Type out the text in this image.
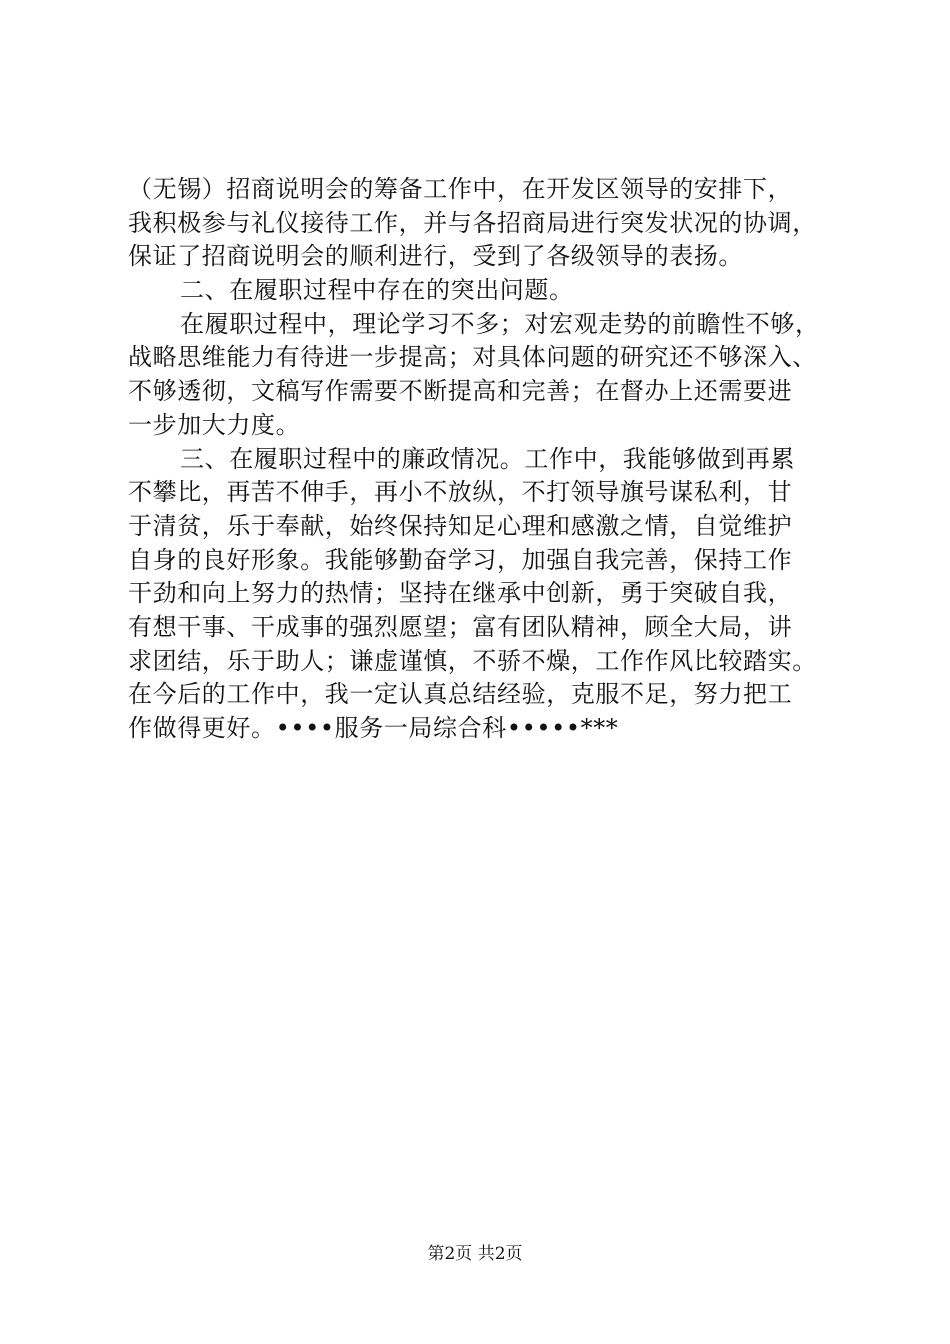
（无锡）招商说明会的筹备工作中，在开发区领导的安排下，
我积极参与礼仪接待工作，并与各招商局进行突发状况的协调，
保证了招商说明会的顺利进行，受到了各级领导的表扬。
二、在履职过程中存在的突出问题。
在履职过程中，理论学习不多；对宏观走势的前瞻性不够，
战略思维能力有待进一步提高；对具体问题的研究还不够深入、
不够透彻，文稿写作需要不断提高和完善；在督办上还需要进
一步加大力度。
三、在履职过程中的廉政情况。工作中，我能够做到再累
不攀比，再苦不伸手，再小不放纵，不打领导旗号谋私利，甘
于清贫，乐于奉献，始终保持知足心理和感激之情，自觉维护
自身的良好形象。我能够勤奋学习，加强自我完善，保持工作
干劲和向上努力的热情；坚持在继承中创新，勇于突破自我，
有想干事、干成事的强烈愿望；富有团队精神，顾全大局，讲
求团结，乐于助人；谦虚谨慎，不骄不燥，工作作风比较踏实。
在今后的工作中，我一定认真总结经验，克服不足，努力把工
作做得更好。••••服务一局综合科•••••***
第2页 共2页
